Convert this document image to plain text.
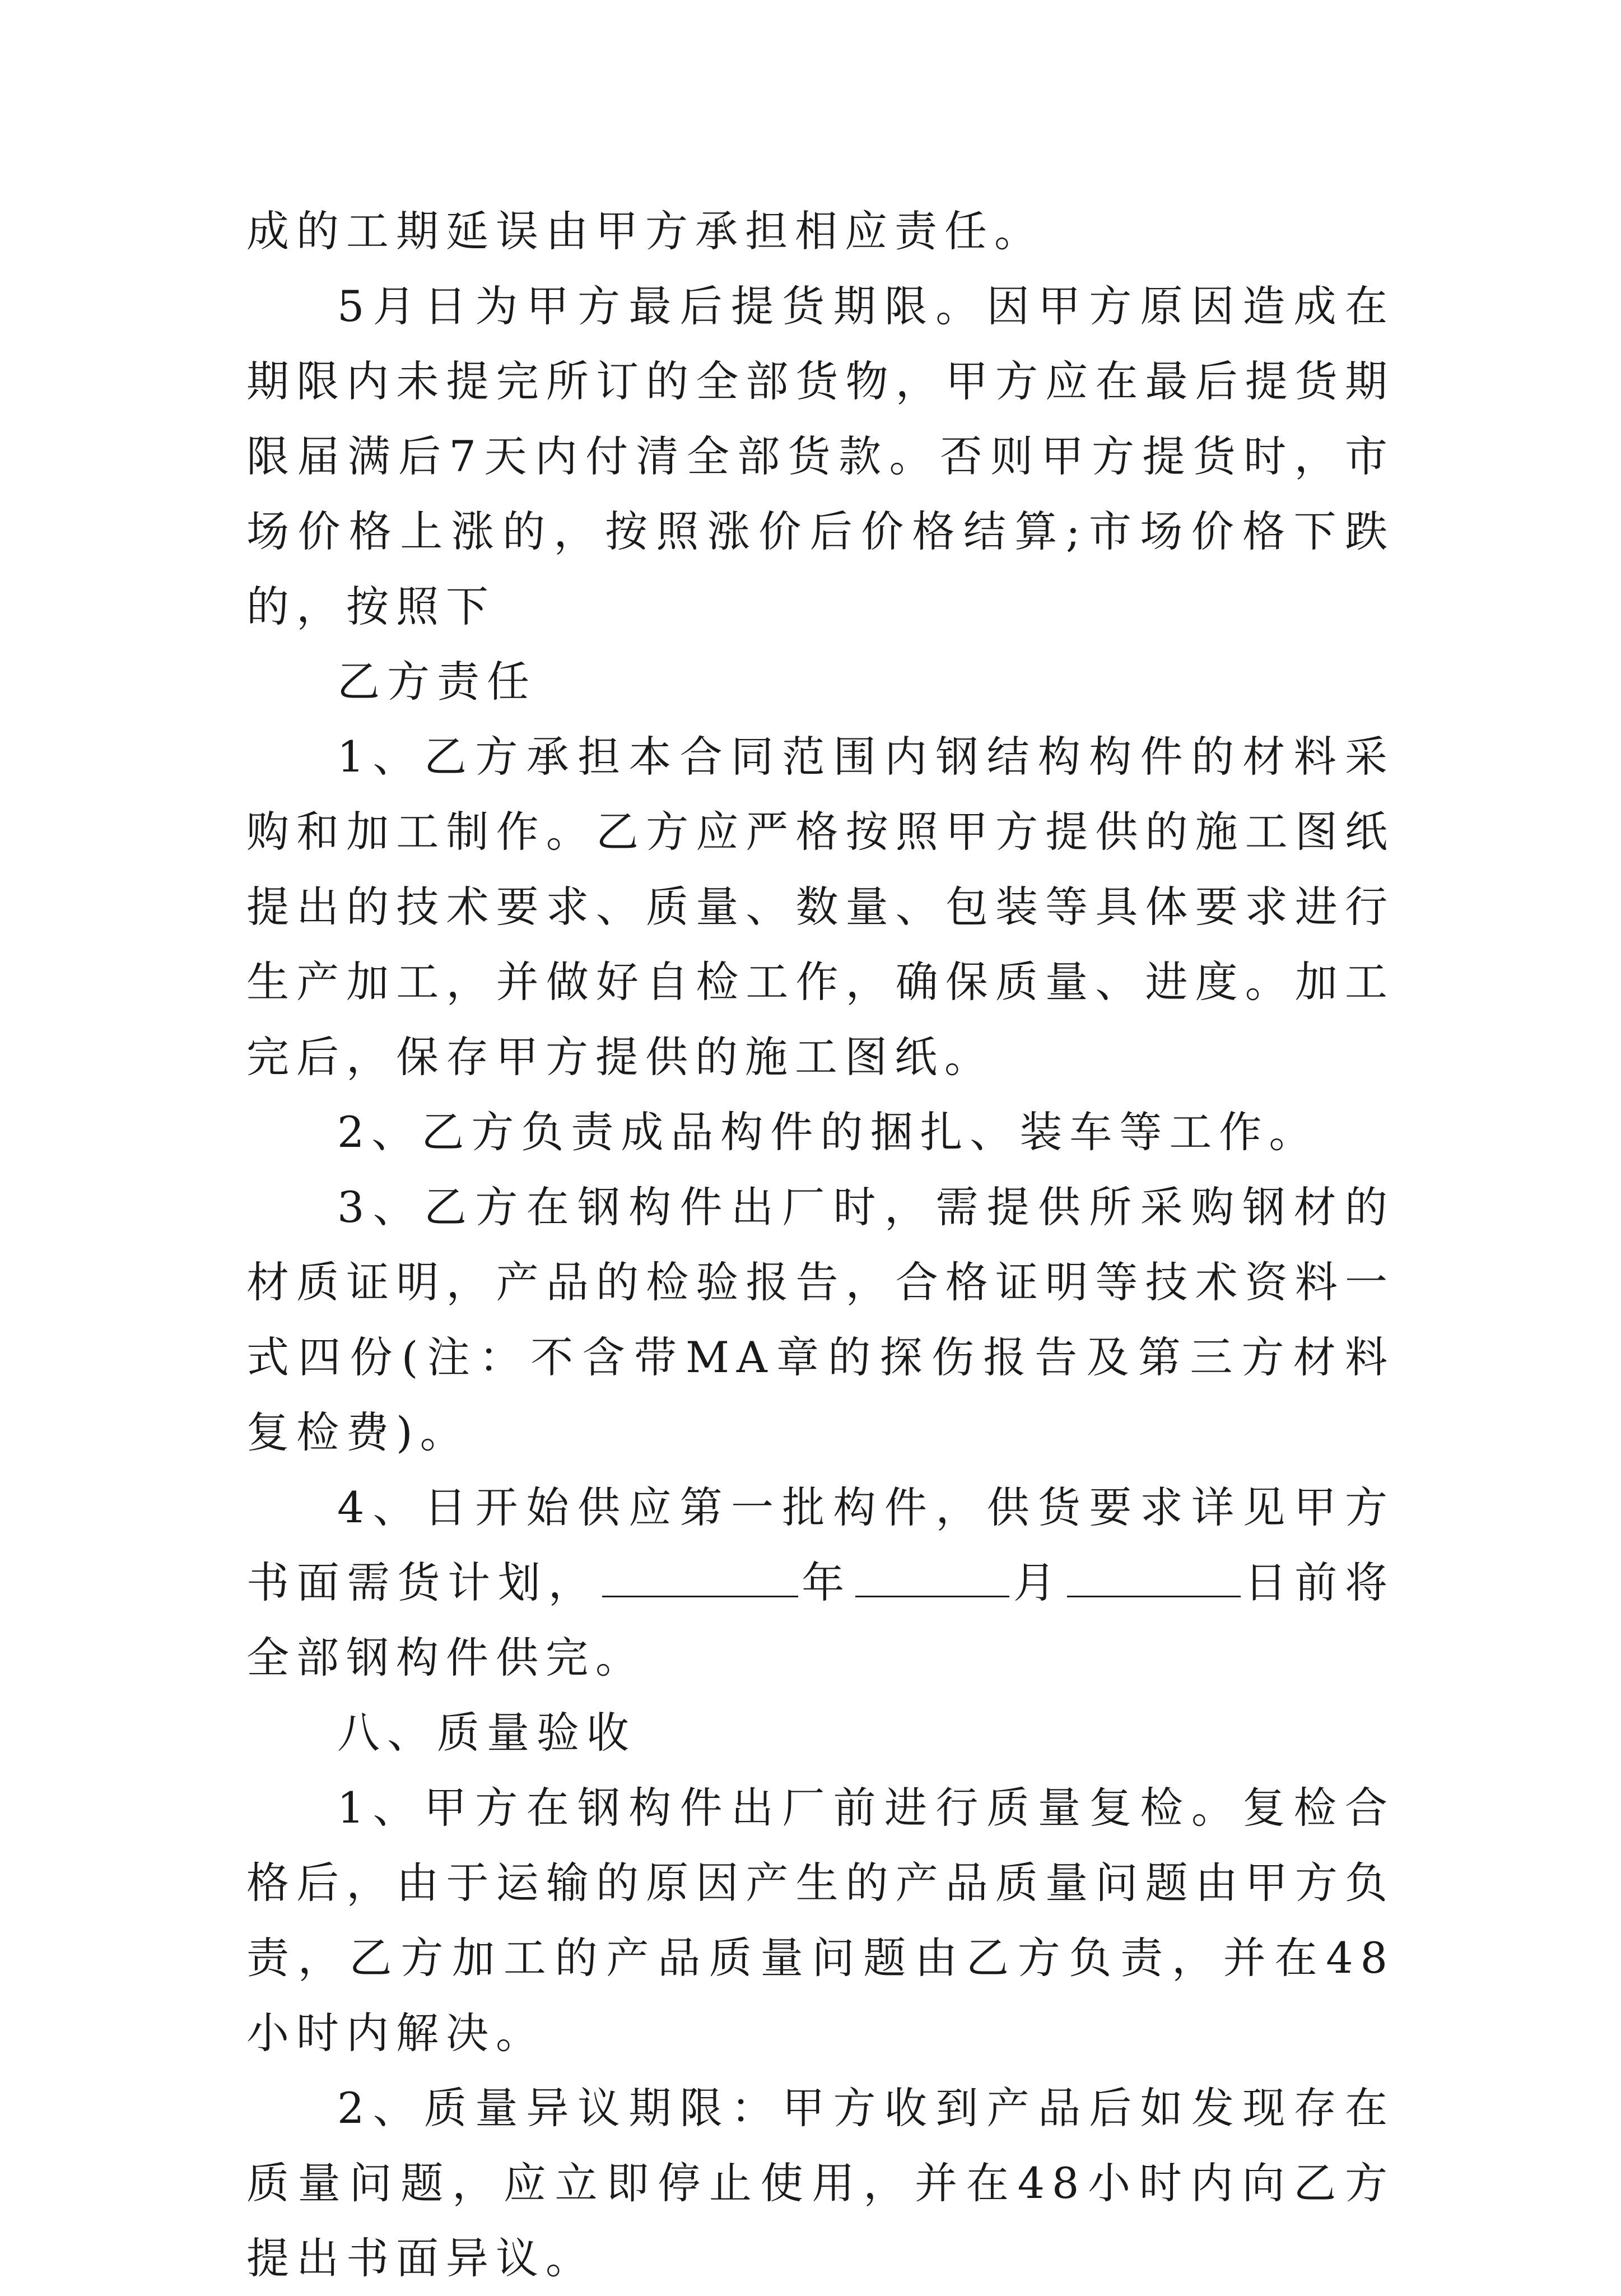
成的工期延误由甲方承担相应责任。

5月日为甲方最后提货期限。因甲方原因造成在期限内未提完所订的全部货物，甲方应在最后提货期限届满后7天内付清全部货款。否则甲方提货时，市场价格上涨的，按照涨价后价格结算;市场价格下跌的，按照下

乙方责任

1、乙方承担本合同范围内钢结构构件的材料采购和加工制作。乙方应严格按照甲方提供的施工图纸提出的技术要求、质量、数量、包装等具体要求进行生产加工，并做好自检工作，确保质量、进度。加工完后，保存甲方提供的施工图纸。

2、乙方负责成品构件的捆扎、装车等工作。

3、乙方在钢构件出厂时，需提供所采购钢材的材质证明，产品的检验报告，合格证明等技术资料一式四份(注：不含带MA章的探伤报告及第三方材料复检费)。

4、日开始供应第一批构件，供货要求详见甲方书面需货计划，	年	月	日前将全部钢构件供完。

八、质量验收

1、甲方在钢构件出厂前进行质量复检。复检合格后，由于运输的原因产生的产品质量问题由甲方负责，乙方加工的产品质量问题由乙方负责，并在48小时内解决。

2、质量异议期限：甲方收到产品后如发现存在质量问题，应立即停止使用，并在48小时内向乙方提出书面异议。
